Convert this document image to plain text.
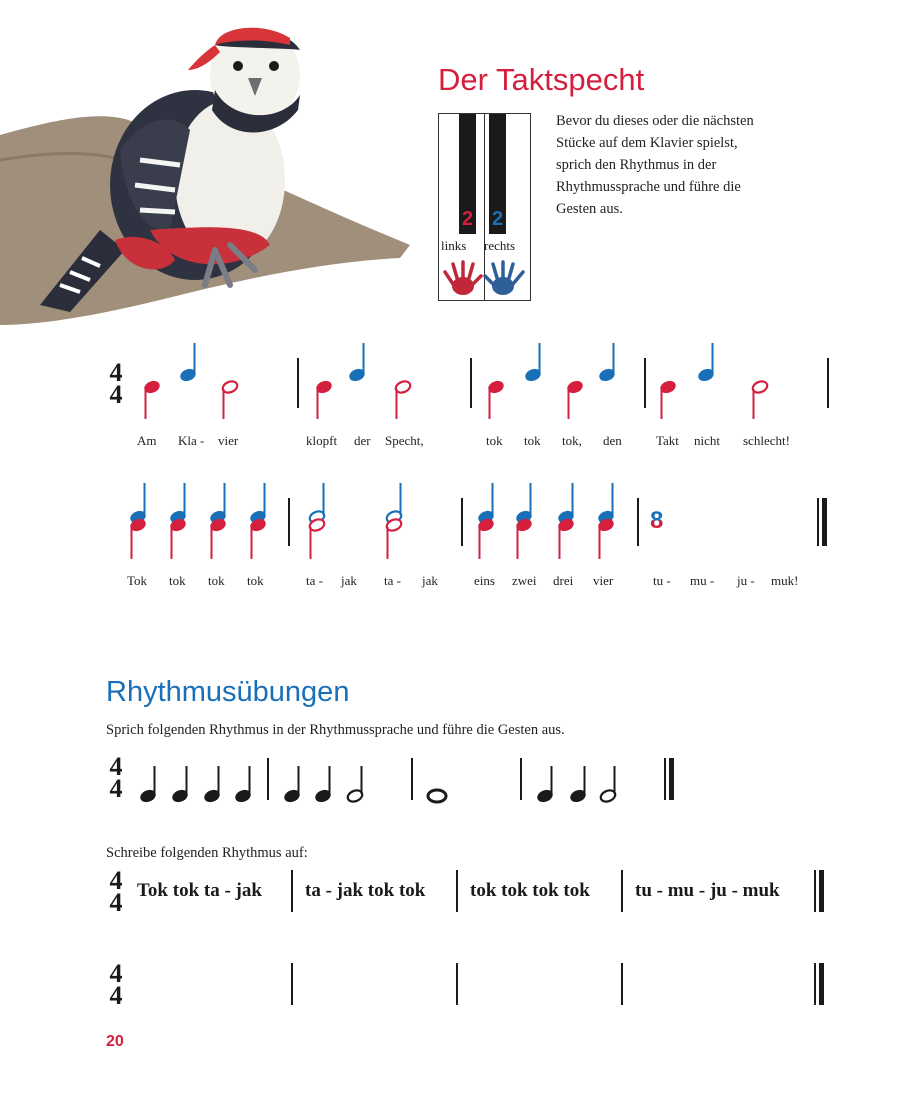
Der Taktspecht
Bevor du dieses oder die nächsten
Stücke auf dem Klavier spielst,
sprich den Rhythmus in der
Rhythmussprache und führe die
Gesten aus.
2 2
links rechts
4
4
Am Kla - vier	klopft der Specht,	tok tok tok, den	Takt nicht schlecht!
Tok tok tok tok	ta - jak ta - jak	eins zwei drei vier	tu - mu - ju - muk!
8
Rhythmusübungen
Sprich folgenden Rhythmus in der Rhythmussprache und führe die Gesten aus.
4
4
Schreibe folgenden Rhythmus auf:
4
4 Tok tok ta - jak ta - jak tok tok tok tok tok tok tu - mu - ju - muk
4
4
20
